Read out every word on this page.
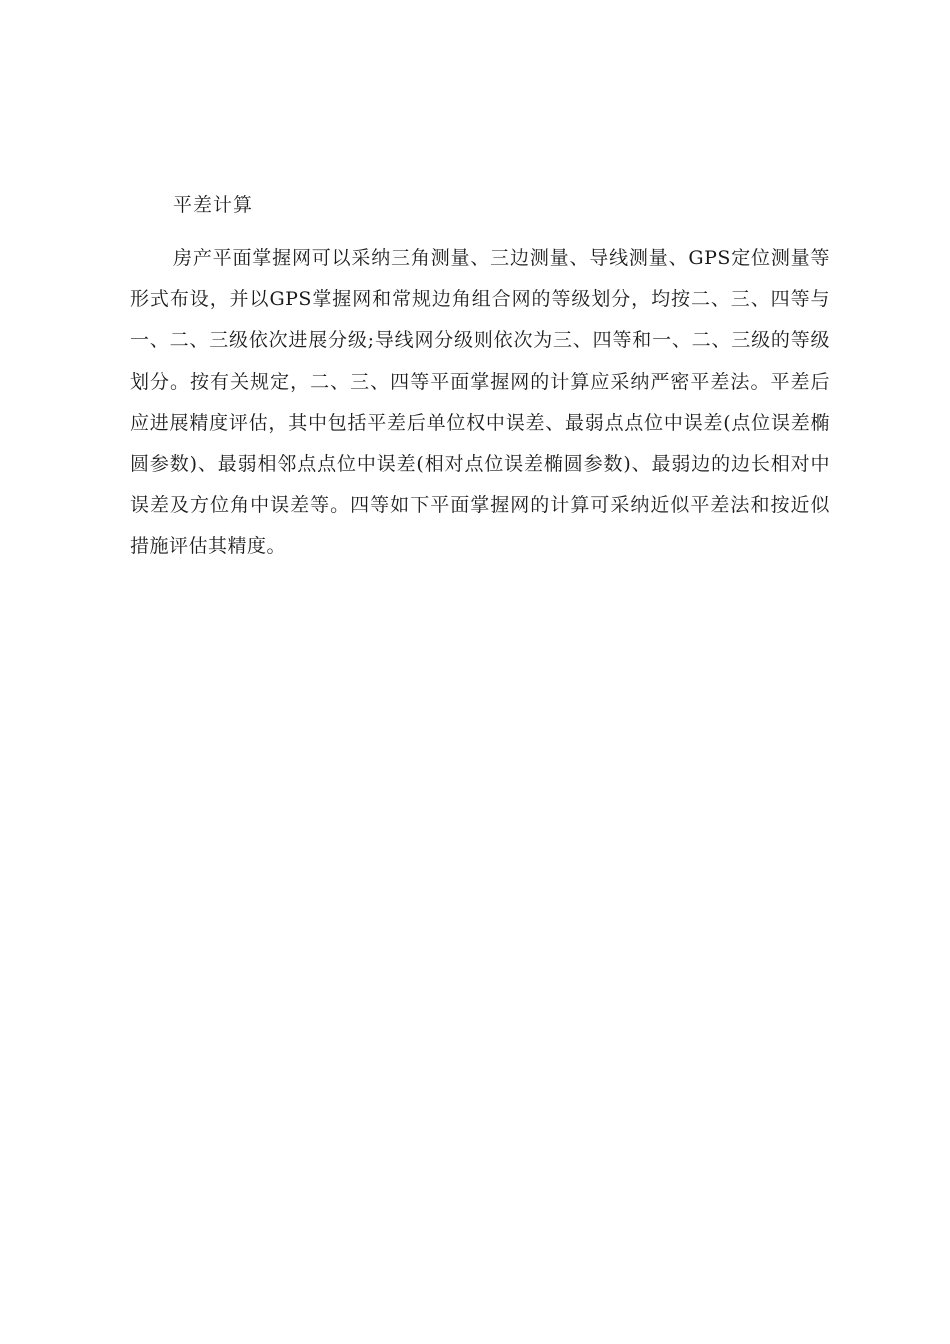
平差计算

房产平面掌握网可以采纳三角测量、三边测量、导线测量、GPS定位测量等形式布设，并以GPS掌握网和常规边角组合网的等级划分，均按二、三、四等与一、二、三级依次进展分级;导线网分级则依次为三、四等和一、二、三级的等级划分。按有关规定，二、三、四等平面掌握网的计算应采纳严密平差法。平差后应进展精度评估，其中包括平差后单位权中误差、最弱点点位中误差(点位误差椭圆参数)、最弱相邻点点位中误差(相对点位误差椭圆参数)、最弱边的边长相对中误差及方位角中误差等。四等如下平面掌握网的计算可采纳近似平差法和按近似措施评估其精度。
